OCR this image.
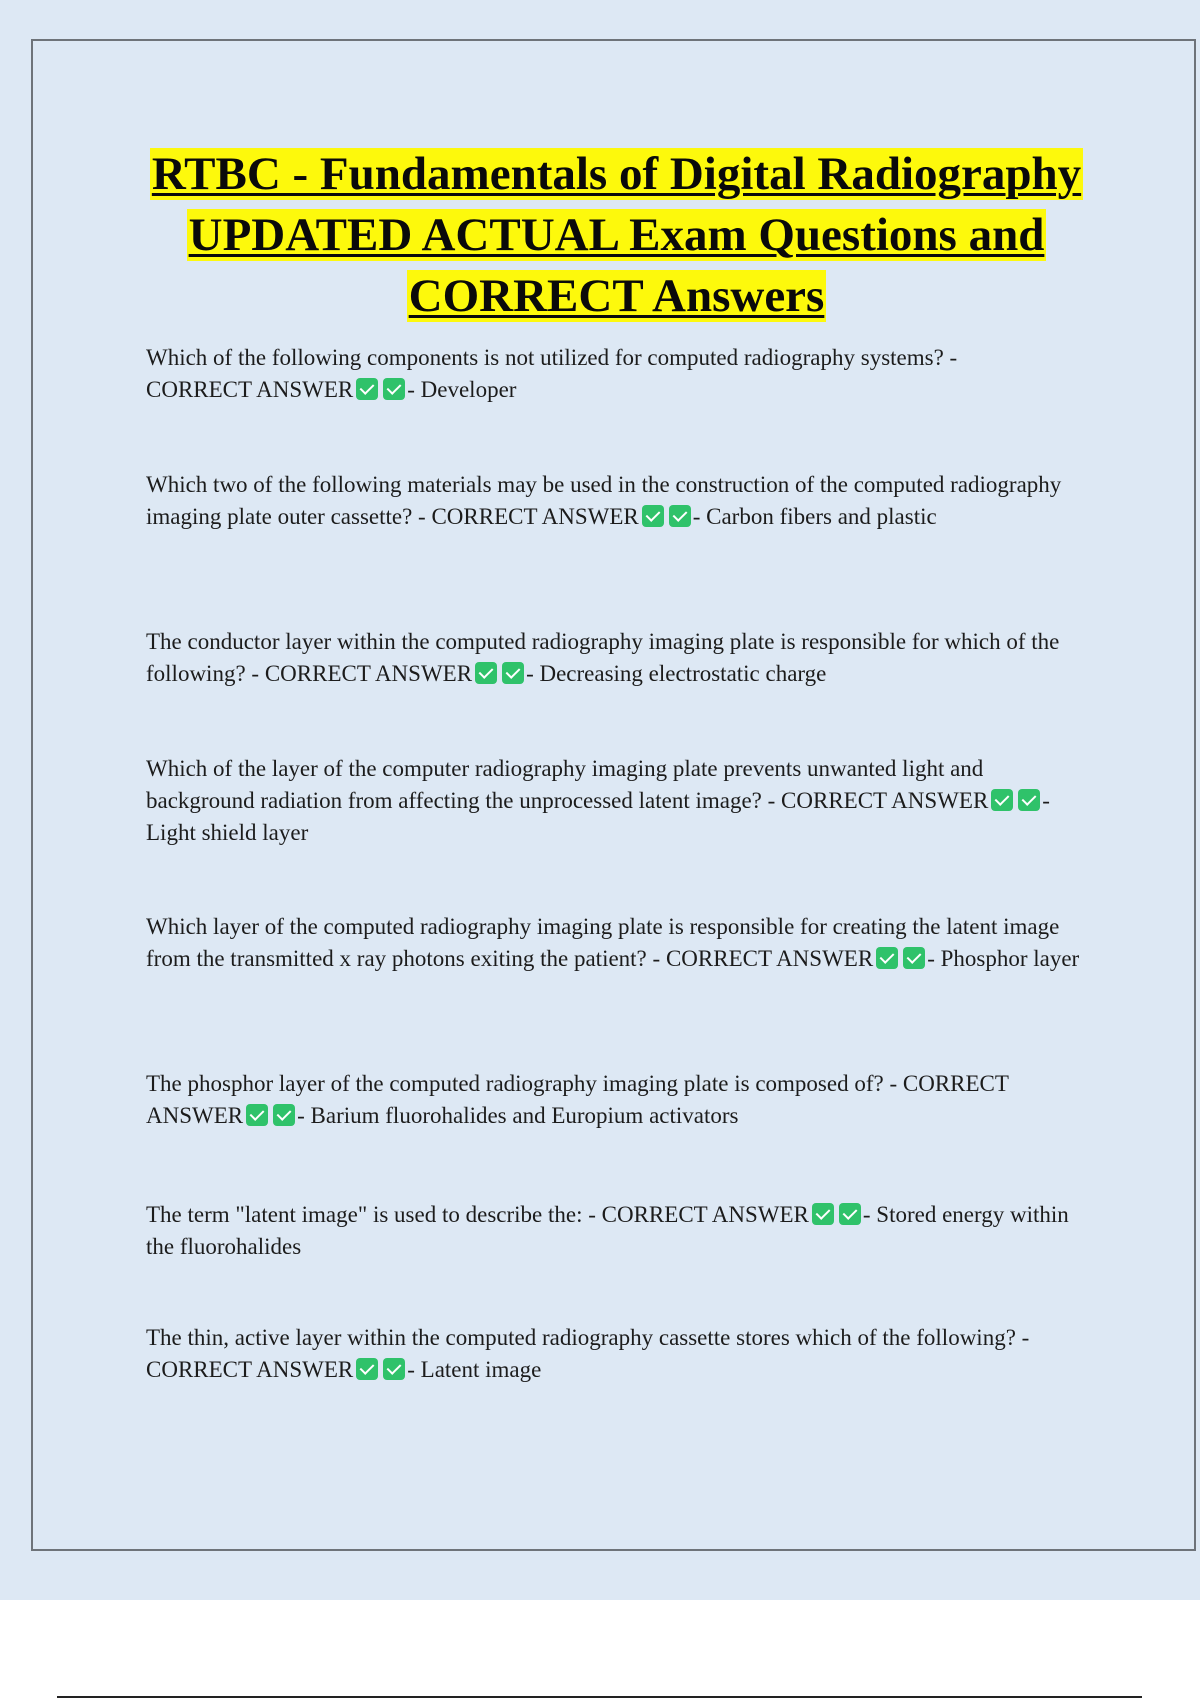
RTBC - Fundamentals of Digital Radiography UPDATED ACTUAL Exam Questions and CORRECT Answers
Which of the following components is not utilized for computed radiography systems? -
CORRECT ANSWER - Developer
Which two of the following materials may be used in the construction of the computed radiography imaging plate outer cassette? - CORRECT ANSWER - Carbon fibers and plastic
The conductor layer within the computed radiography imaging plate is responsible for which of the following? - CORRECT ANSWER - Decreasing electrostatic charge
Which of the layer of the computer radiography imaging plate prevents unwanted light and background radiation from affecting the unprocessed latent image? - CORRECT ANSWER - Light shield layer
Which layer of the computed radiography imaging plate is responsible for creating the latent image from the transmitted x ray photons exiting the patient? - CORRECT ANSWER - Phosphor layer
The phosphor layer of the computed radiography imaging plate is composed of? - CORRECT ANSWER - Barium fluorohalides and Europium activators
The term "latent image" is used to describe the: - CORRECT ANSWER - Stored energy within the fluorohalides
The thin, active layer within the computed radiography cassette stores which of the following? -
CORRECT ANSWER - Latent image
